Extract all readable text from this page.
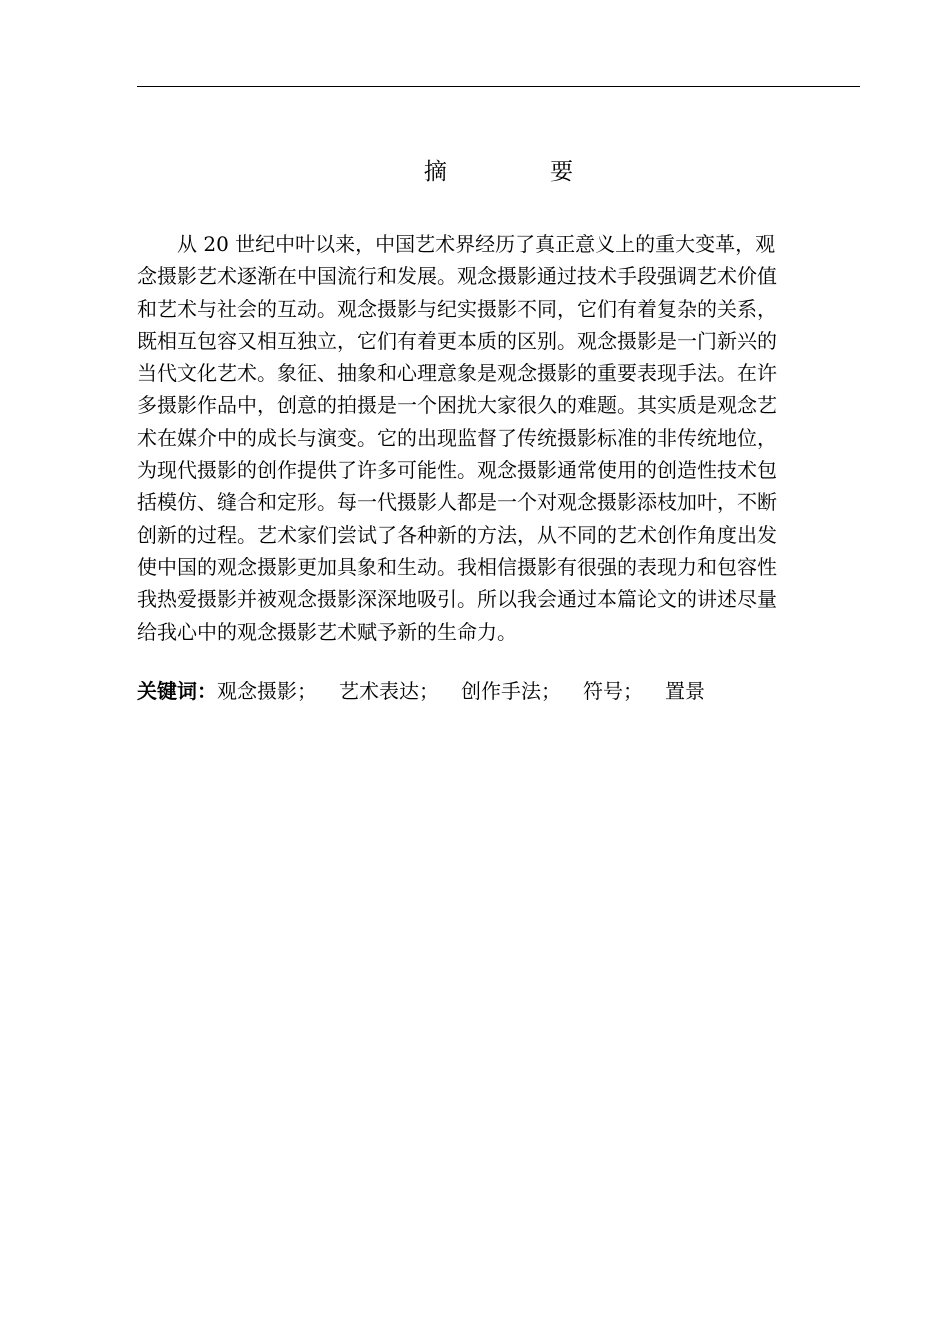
摘 要

从 20 世纪中叶以来，中国艺术界经历了真正意义上的重大变革，观
念摄影艺术逐渐在中国流行和发展。观念摄影通过技术手段强调艺术价值
和艺术与社会的互动。观念摄影与纪实摄影不同，它们有着复杂的关系，
既相互包容又相互独立，它们有着更本质的区别。观念摄影是一门新兴的
当代文化艺术。象征、抽象和心理意象是观念摄影的重要表现手法。在许
多摄影作品中，创意的拍摄是一个困扰大家很久的难题。其实质是观念艺
术在媒介中的成长与演变。它的出现监督了传统摄影标准的非传统地位，
为现代摄影的创作提供了许多可能性。观念摄影通常使用的创造性技术包
括模仿、缝合和定形。每一代摄影人都是一个对观念摄影添枝加叶，不断
创新的过程。艺术家们尝试了各种新的方法，从不同的艺术创作角度出发
使中国的观念摄影更加具象和生动。我相信摄影有很强的表现力和包容性
我热爱摄影并被观念摄影深深地吸引。所以我会通过本篇论文的讲述尽量
给我心中的观念摄影艺术赋予新的生命力。

关键词：观念摄影； 艺术表达； 创作手法； 符号； 置景
